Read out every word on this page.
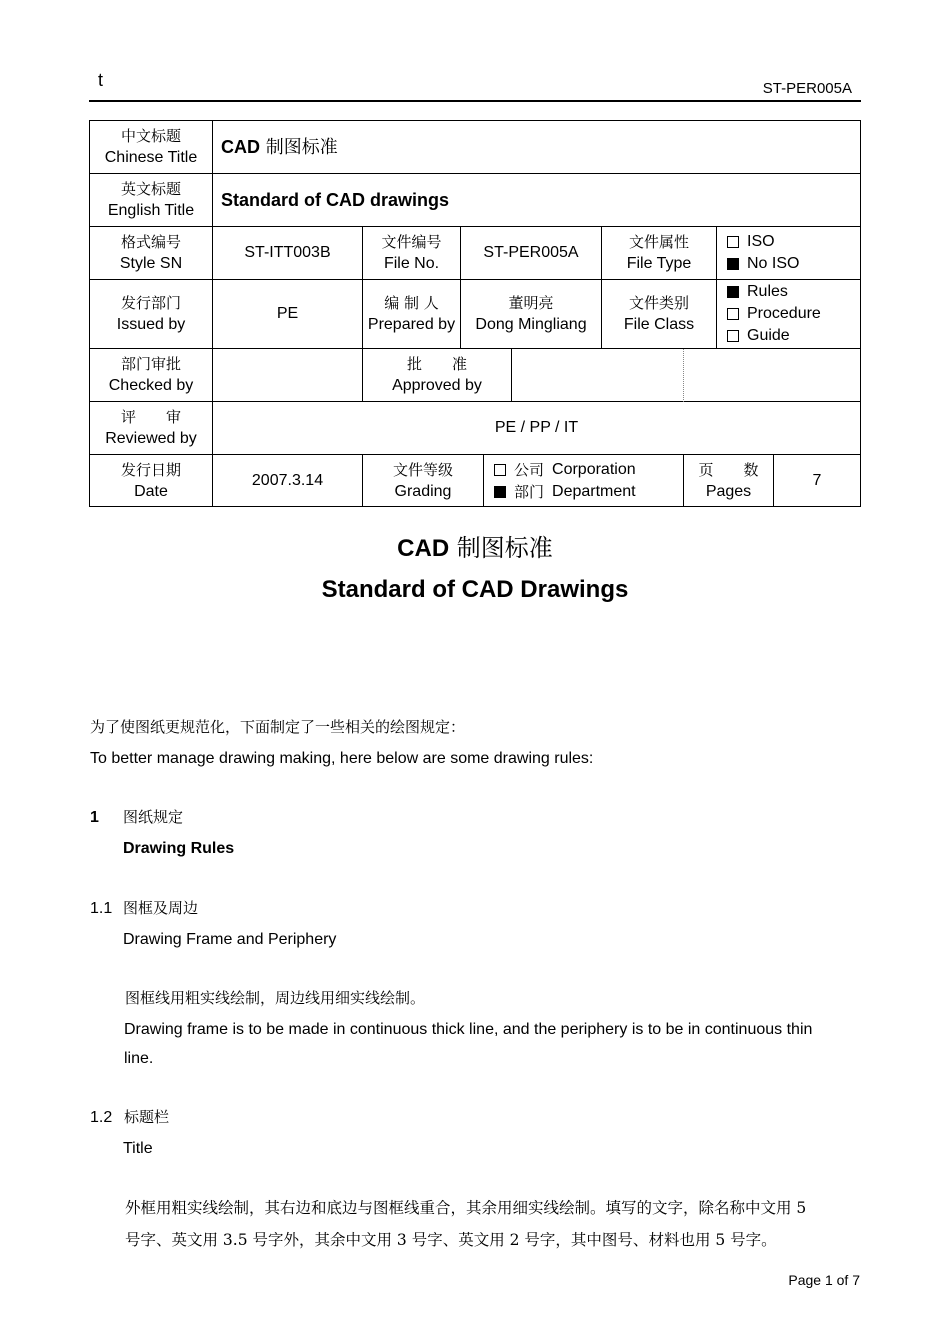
t	ST-PER005A
中文标题
Chinese Title
CAD 制图标准
英文标题
English Title
Standard of CAD drawings
格式编号
Style SN
ST-ITT003B
文件编号
File No.
ST-PER005A
文件属性
File Type
ISO
No ISO
发行部门
Issued by
PE
编 制 人
Prepared by
董明亮
Dong Mingliang
文件类别
File Class
Rules
Procedure
Guide
部门审批
Checked by
批　　准
Approved by
评　　审
Reviewed by
PE / PP / IT
发行日期
Date
2007.3.14
文件等级
Grading
公司 Corporation
部门 Department
页　　数
Pages
7
CAD 制图标准
Standard of CAD Drawings
为了使图纸更规范化，下面制定了一些相关的绘图规定：
To better manage drawing making, here below are some drawing rules:
1 图纸规定
Drawing Rules
1.1 图框及周边
Drawing Frame and Periphery
图框线用粗实线绘制，周边线用细实线绘制。
Drawing frame is to be made in continuous thick line, and the periphery is to be in continuous thin
line.
1.2 标题栏
Title
外框用粗实线绘制，其右边和底边与图框线重合，其余用细实线绘制。填写的文字，除名称中文用 5
号字、英文用 3.5 号字外，其余中文用 3 号字、英文用 2 号字，其中图号、材料也用 5 号字。
Page 1 of 7
